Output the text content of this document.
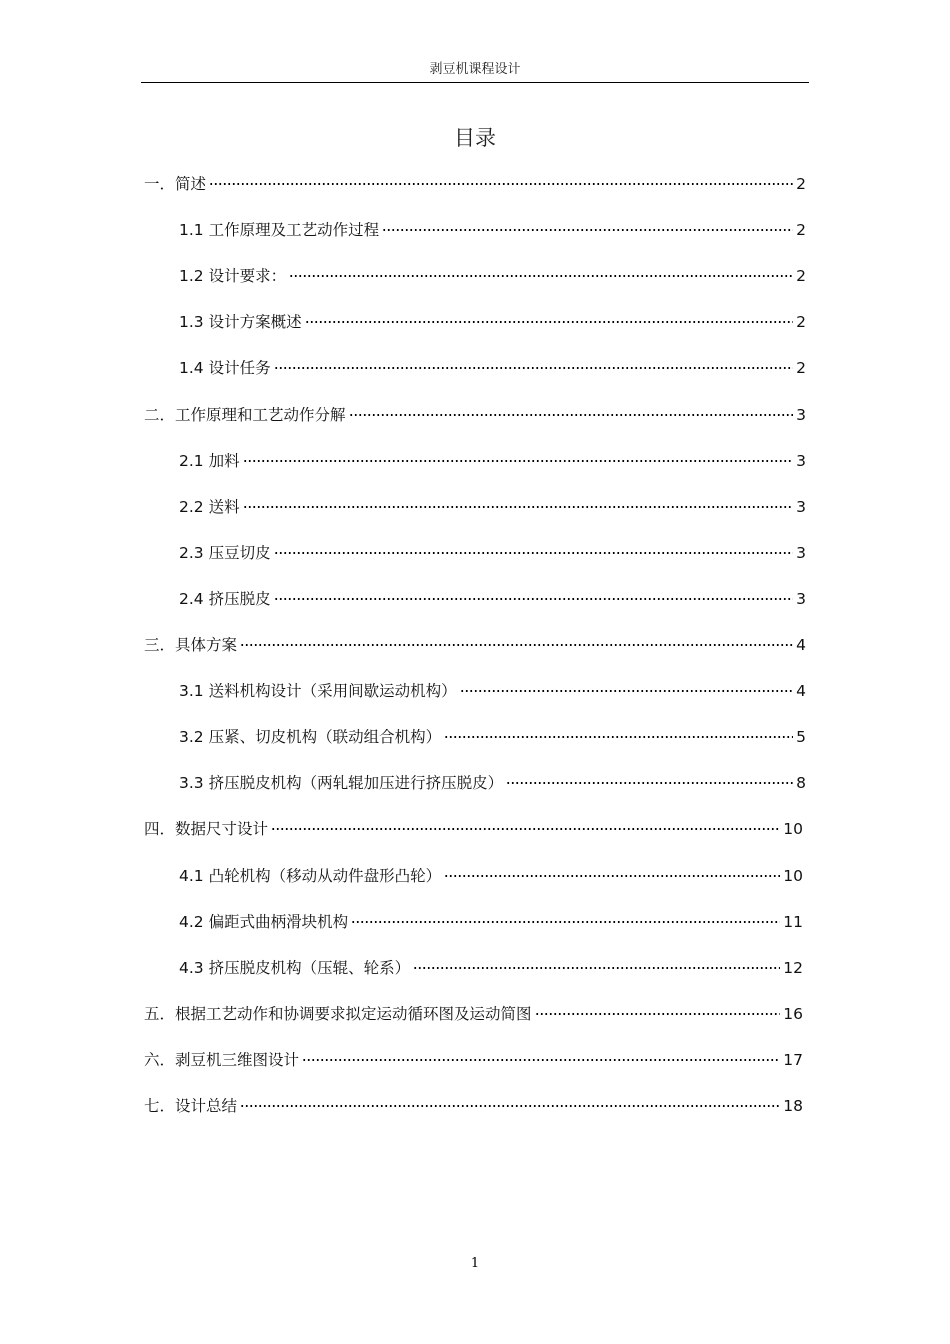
剥豆机课程设计
目录
一．简述	2
1.1 工作原理及工艺动作过程	2
1.2 设计要求：	2
1.3 设计方案概述	2
1.4 设计任务	2
二．工作原理和工艺动作分解	3
2.1 加料	3
2.2 送料	3
2.3 压豆切皮	3
2.4 挤压脱皮	3
三．具体方案	4
3.1 送料机构设计（采用间歇运动机构）	4
3.2 压紧、切皮机构（联动组合机构）	5
3.3 挤压脱皮机构（两轧辊加压进行挤压脱皮）	8
四．数据尺寸设计	10
4.1 凸轮机构（移动从动件盘形凸轮）	10
4.2 偏距式曲柄滑块机构	11
4.3 挤压脱皮机构（压辊、轮系）	12
五．根据工艺动作和协调要求拟定运动循环图及运动简图	16
六．剥豆机三维图设计	17
七．设计总结	18
1
